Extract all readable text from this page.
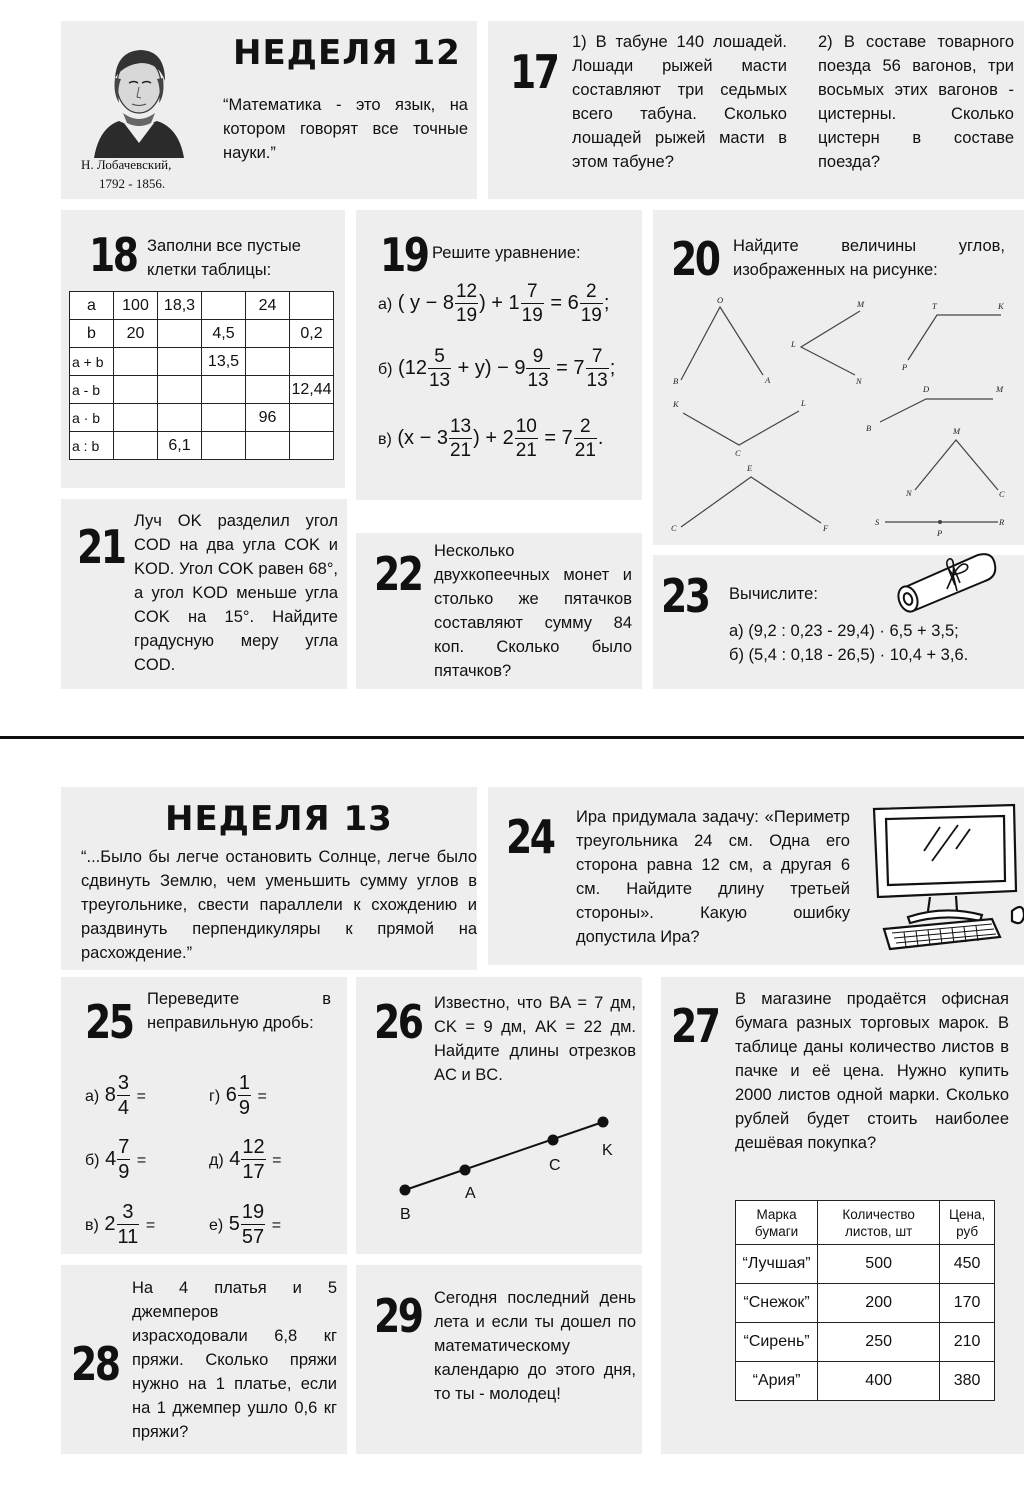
Н. Лобачевский,
1792 - 1856.
НЕДЕЛЯ 12
“Математика - это язык, на котором говорят все точные науки.”
17
1) В табуне 140 лошадей. Лошади рыжей масти составляют три седьмых всего табуна. Сколько лошадей рыжей масти в этом табуне?
2) В составе товарного поезда 56 вагонов, три восьмых этих вагонов - цистерны. Сколько цистерн в составе поезда?
18 Заполни все пустые клетки таблицы:
a	100	18,3		24	
b	20		4,5		0,2
a + b			13,5		
a - b					12,44
a · b				96	
a : b		6,1			
19 Решите уравнение:
а) ( $y - 8 \frac{12}{19}$ ) + $1 \frac{7}{19} = 6 \frac{2}{19}$ ;
б) $(12 \frac{5}{13} + y) - 9 \frac{9}{13} = 7 \frac{7}{13}$ ;
в) ($x - 3 \frac{13}{21}$ ) + $2 \frac{10}{21} = 7 \frac{2}{21}$ .
20 Найдите величины углов, изображенных на рисунке:
O
B	A
M
L
N
T	K
P
K	L
C
D	M
B	M
N	C
E
C	F
S
P
R
21 Луч OK разделил угол COD на два угла COK и KOD. Угол COK равен 68°, а угол KOD меньше угла COK на 15°. Найдите градусную меру угла COD.
22 Несколько двухкопеечных монет и столько же пятачков составляют сумму 84 коп. Сколько было пятачков?
23 Вычислите:
а) (9,2 : 0,23 - 29,4) · 6,5 + 3,5;
б) (5,4 : 0,18 - 26,5) · 10,4 + 3,6.
НЕДЕЛЯ 13
“...Было бы легче остановить Солнце, легче было сдвинуть Землю, чем уменьшить сумму углов в треугольнике, свести параллели к схождению и раздвинуть перпендикуляры к прямой на расхождение.”
24 Ира придумала задачу: «Периметр треугольника 24 см. Одна его сторона равна 12 см, а другая 6 см. Найдите длину третьей стороны». Какую ошибку допустила Ира?
25 Переведите в неправильную дробь:
а) $8 \frac{3}{4}$ =	г) $6 \frac{1}{9}$ =
б) $4 \frac{7}{9}$ =	д) $4 \frac{12}{17}$ =
в) $2 \frac{3}{11}$ =	е) $5 \frac{19}{57}$ =
26 Известно, что BA = 7 дм, CK = 9 дм, AK = 22 дм. Найдите длины отрезков AC и BC.
B
A
C
K
27 В магазине продаётся офисная бумага разных торговых марок. В таблице даны количество листов в пачке и её цена. Нужно купить 2000 листов одной марки. Сколько рублей будет стоить наиболее дешёвая покупка?
Марка бумаги	Количество листов, шт	Цена, руб
“Лучшая”	500	450
“Снежок”	200	170
“Сирень”	250	210
“Ария”	400	380
28
На 4 платья и 5 джемперов израсходовали 6,8 кг пряжи. Сколько пряжи нужно на 1 платье, если на 1 джемпер ушло 0,6 кг пряжи?
29 Сегодня последний день лета и если ты дошел по математическому календарю до этого дня, то ты - молодец!
